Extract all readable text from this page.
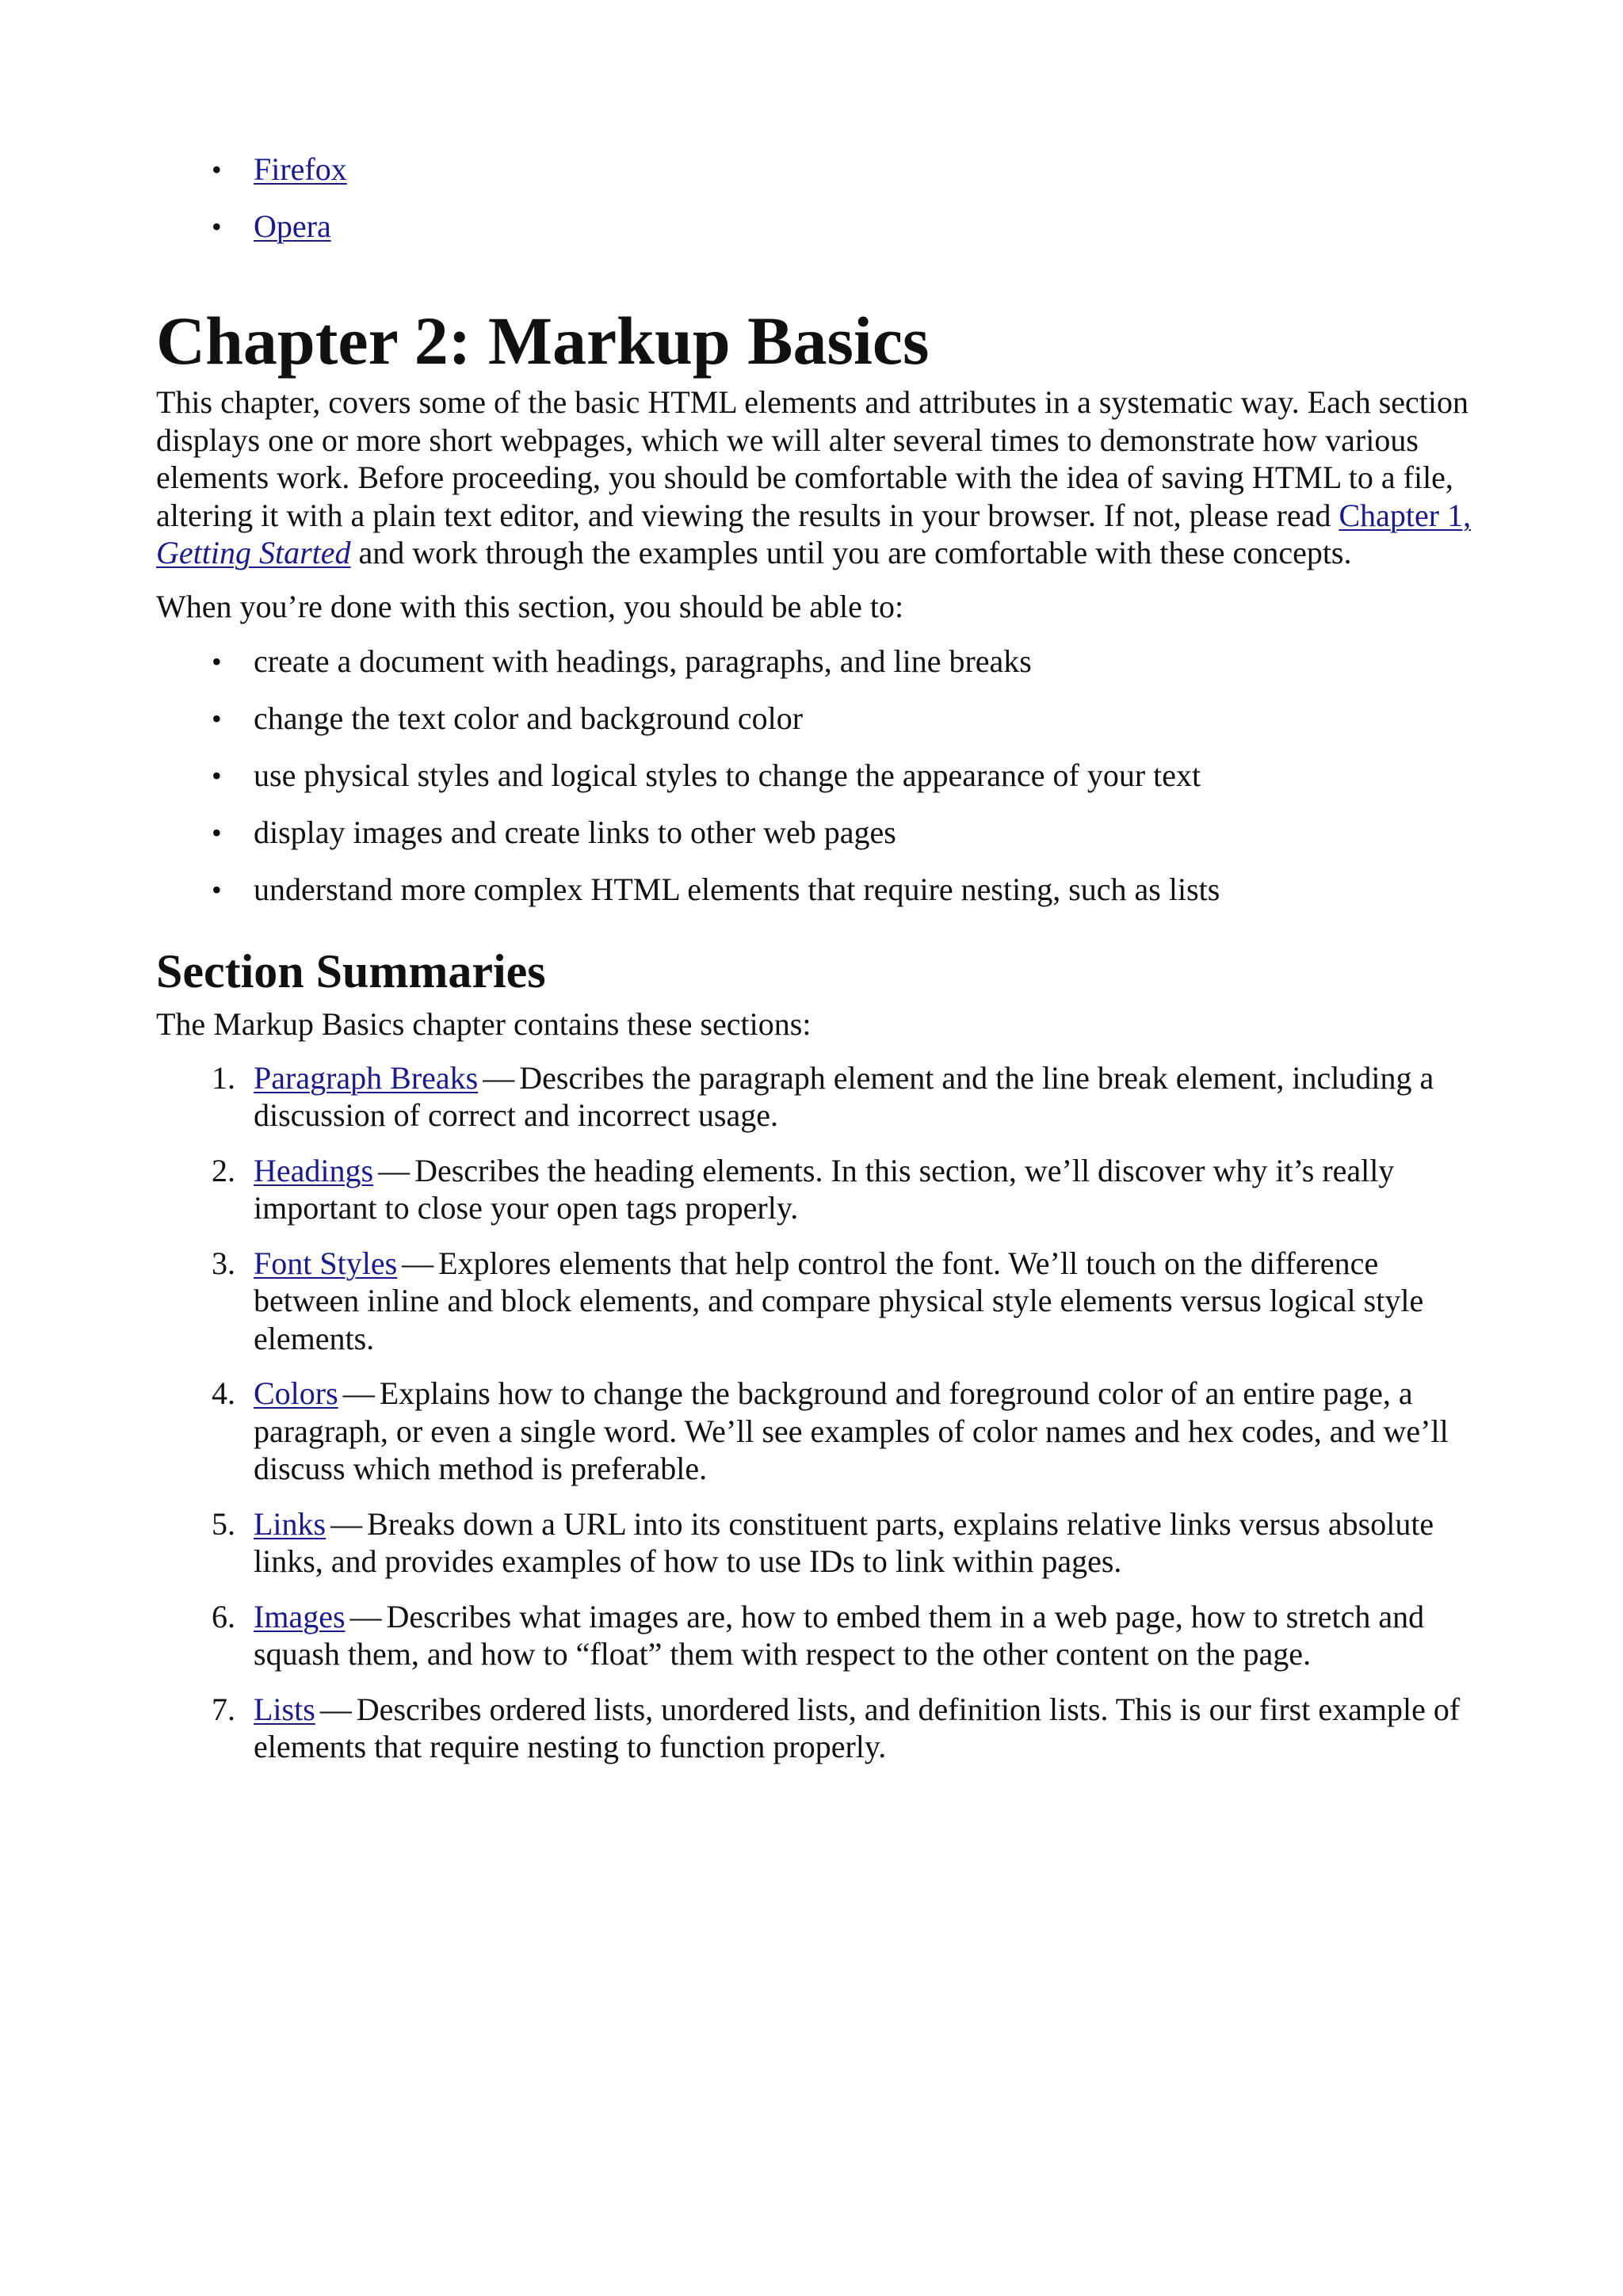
• Firefox
• Opera
Chapter 2: Markup Basics

This chapter, covers some of the basic HTML elements and attributes in a systematic way. Each section displays one or more short webpages, which we will alter several times to demonstrate how various elements work. Before proceeding, you should be comfortable with the idea of saving HTML to a file, altering it with a plain text editor, and viewing the results in your browser. If not, please read Chapter 1, Getting Started and work through the examples until you are comfortable with these concepts.

When you’re done with this section, you should be able to:

• create a document with headings, paragraphs, and line breaks
• change the text color and background color
• use physical styles and logical styles to change the appearance of your text
• display images and create links to other web pages
• understand more complex HTML elements that require nesting, such as lists
Section Summaries

The Markup Basics chapter contains these sections:

1. Paragraph Breaks — Describes the paragraph element and the line break element, including a discussion of correct and incorrect usage.
2. Headings — Describes the heading elements. In this section, we’ll discover why it’s really important to close your open tags properly.
3. Font Styles — Explores elements that help control the font. We’ll touch on the difference between inline and block elements, and compare physical style elements versus logical style elements.
4. Colors — Explains how to change the background and foreground color of an entire page, a paragraph, or even a single word. We’ll see examples of color names and hex codes, and we’ll discuss which method is preferable.
5. Links — Breaks down a URL into its constituent parts, explains relative links versus absolute links, and provides examples of how to use IDs to link within pages.
6. Images — Describes what images are, how to embed them in a web page, how to stretch and squash them, and how to “float” them with respect to the other content on the page.
7. Lists — Describes ordered lists, unordered lists, and definition lists. This is our first example of elements that require nesting to function properly.
